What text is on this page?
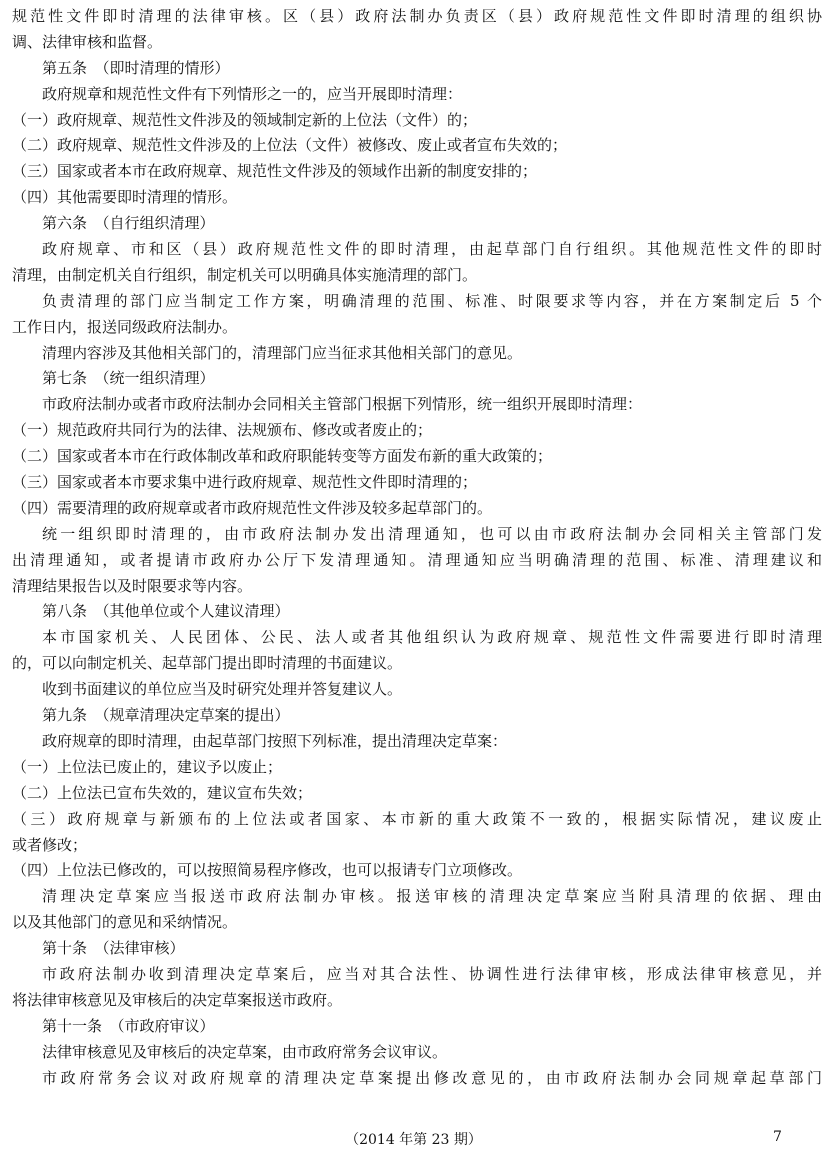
规范性文件即时清理的法律审核。区（县）政府法制办负责区（县）政府规范性文件即时清理的组织协
调、法律审核和监督。
第五条　（即时清理的情形）
政府规章和规范性文件有下列情形之一的，应当开展即时清理：
（一）政府规章、规范性文件涉及的领域制定新的上位法（文件）的；
（二）政府规章、规范性文件涉及的上位法（文件）被修改、废止或者宣布失效的；
（三）国家或者本市在政府规章、规范性文件涉及的领域作出新的制度安排的；
（四）其他需要即时清理的情形。
第六条　（自行组织清理）
政府规章、市和区（县）政府规范性文件的即时清理，由起草部门自行组织。其他规范性文件的即时
清理，由制定机关自行组织，制定机关可以明确具体实施清理的部门。
负责清理的部门应当制定工作方案，明确清理的范围、标准、时限要求等内容，并在方案制定后 5 个
工作日内，报送同级政府法制办。
清理内容涉及其他相关部门的，清理部门应当征求其他相关部门的意见。
第七条　（统一组织清理）
市政府法制办或者市政府法制办会同相关主管部门根据下列情形，统一组织开展即时清理：
（一）规范政府共同行为的法律、法规颁布、修改或者废止的；
（二）国家或者本市在行政体制改革和政府职能转变等方面发布新的重大政策的；
（三）国家或者本市要求集中进行政府规章、规范性文件即时清理的；
（四）需要清理的政府规章或者市政府规范性文件涉及较多起草部门的。
统一组织即时清理的，由市政府法制办发出清理通知，也可以由市政府法制办会同相关主管部门发
出清理通知，或者提请市政府办公厅下发清理通知。清理通知应当明确清理的范围、标准、清理建议和
清理结果报告以及时限要求等内容。
第八条　（其他单位或个人建议清理）
本市国家机关、人民团体、公民、法人或者其他组织认为政府规章、规范性文件需要进行即时清理
的，可以向制定机关、起草部门提出即时清理的书面建议。
收到书面建议的单位应当及时研究处理并答复建议人。
第九条　（规章清理决定草案的提出）
政府规章的即时清理，由起草部门按照下列标准，提出清理决定草案：
（一）上位法已废止的，建议予以废止；
（二）上位法已宣布失效的，建议宣布失效；
（三）政府规章与新颁布的上位法或者国家、本市新的重大政策不一致的，根据实际情况，建议废止
或者修改；
（四）上位法已修改的，可以按照简易程序修改，也可以报请专门立项修改。
清理决定草案应当报送市政府法制办审核。报送审核的清理决定草案应当附具清理的依据、理由
以及其他部门的意见和采纳情况。
第十条　（法律审核）
市政府法制办收到清理决定草案后，应当对其合法性、协调性进行法律审核，形成法律审核意见，并
将法律审核意见及审核后的决定草案报送市政府。
第十一条　（市政府审议）
法律审核意见及审核后的决定草案，由市政府常务会议审议。
市政府常务会议对政府规章的清理决定草案提出修改意见的，由市政府法制办会同规章起草部门
（2014 年第 23 期）	7
